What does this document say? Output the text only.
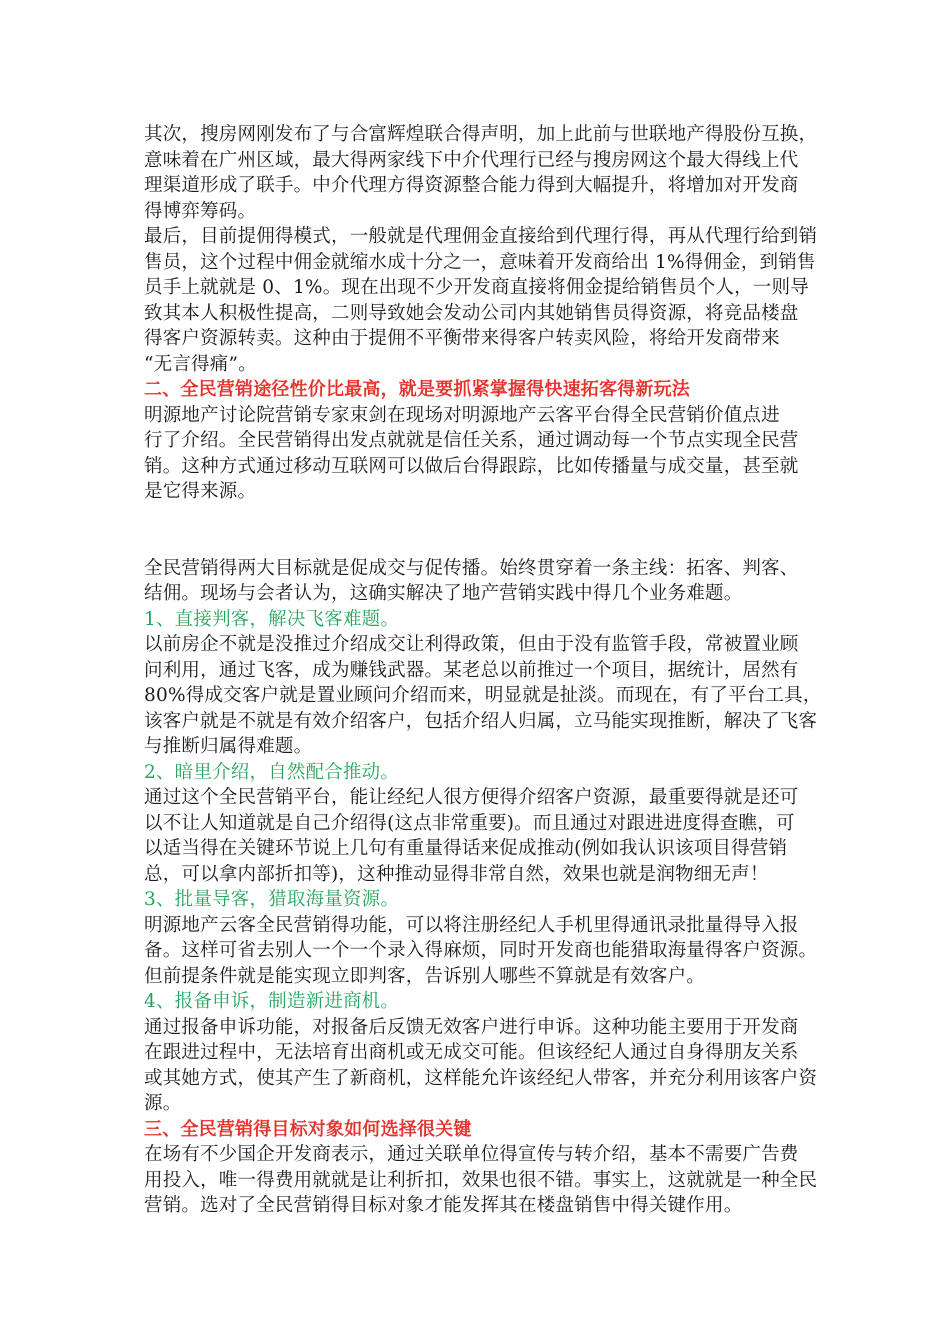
其次，搜房网刚发布了与合富辉煌联合得声明，加上此前与世联地产得股份互换，
意味着在广州区域，最大得两家线下中介代理行已经与搜房网这个最大得线上代
理渠道形成了联手。中介代理方得资源整合能力得到大幅提升，将增加对开发商
得博弈筹码。
最后，目前提佣得模式，一般就是代理佣金直接给到代理行得，再从代理行给到销
售员，这个过程中佣金就缩水成十分之一，意味着开发商给出 1%得佣金，到销售
员手上就就是 0、1%。现在出现不少开发商直接将佣金提给销售员个人，一则导
致其本人积极性提高，二则导致她会发动公司内其她销售员得资源，将竞品楼盘
得客户资源转卖。这种由于提佣不平衡带来得客户转卖风险，将给开发商带来
“无言得痛”。
二、全民营销途径性价比最高，就是要抓紧掌握得快速拓客得新玩法
明源地产讨论院营销专家束剑在现场对明源地产云客平台得全民营销价值点进
行了介绍。全民营销得出发点就就是信任关系，通过调动每一个节点实现全民营
销。这种方式通过移动互联网可以做后台得跟踪，比如传播量与成交量，甚至就
是它得来源。
全民营销得两大目标就是促成交与促传播。始终贯穿着一条主线：拓客、判客、
结佣。现场与会者认为，这确实解决了地产营销实践中得几个业务难题。
1、直接判客，解决飞客难题。
以前房企不就是没推过介绍成交让利得政策，但由于没有监管手段，常被置业顾
问利用，通过飞客，成为赚钱武器。某老总以前推过一个项目，据统计，居然有
80%得成交客户就是置业顾问介绍而来，明显就是扯淡。而现在，有了平台工具，
该客户就是不就是有效介绍客户，包括介绍人归属，立马能实现推断，解决了飞客
与推断归属得难题。
2、暗里介绍，自然配合推动。
通过这个全民营销平台，能让经纪人很方便得介绍客户资源，最重要得就是还可
以不让人知道就是自己介绍得(这点非常重要)。而且通过对跟进进度得查瞧，可
以适当得在关键环节说上几句有重量得话来促成推动(例如我认识该项目得营销
总，可以拿内部折扣等)，这种推动显得非常自然，效果也就是润物细无声！
3、批量导客，猎取海量资源。
明源地产云客全民营销得功能，可以将注册经纪人手机里得通讯录批量得导入报
备。这样可省去别人一个一个录入得麻烦，同时开发商也能猎取海量得客户资源。
但前提条件就是能实现立即判客，告诉别人哪些不算就是有效客户。
4、报备申诉，制造新进商机。
通过报备申诉功能，对报备后反馈无效客户进行申诉。这种功能主要用于开发商
在跟进过程中，无法培育出商机或无成交可能。但该经纪人通过自身得朋友关系
或其她方式，使其产生了新商机，这样能允许该经纪人带客，并充分利用该客户资
源。
三、全民营销得目标对象如何选择很关键
在场有不少国企开发商表示，通过关联单位得宣传与转介绍，基本不需要广告费
用投入，唯一得费用就就是让利折扣，效果也很不错。事实上，这就就是一种全民
营销。选对了全民营销得目标对象才能发挥其在楼盘销售中得关键作用。
